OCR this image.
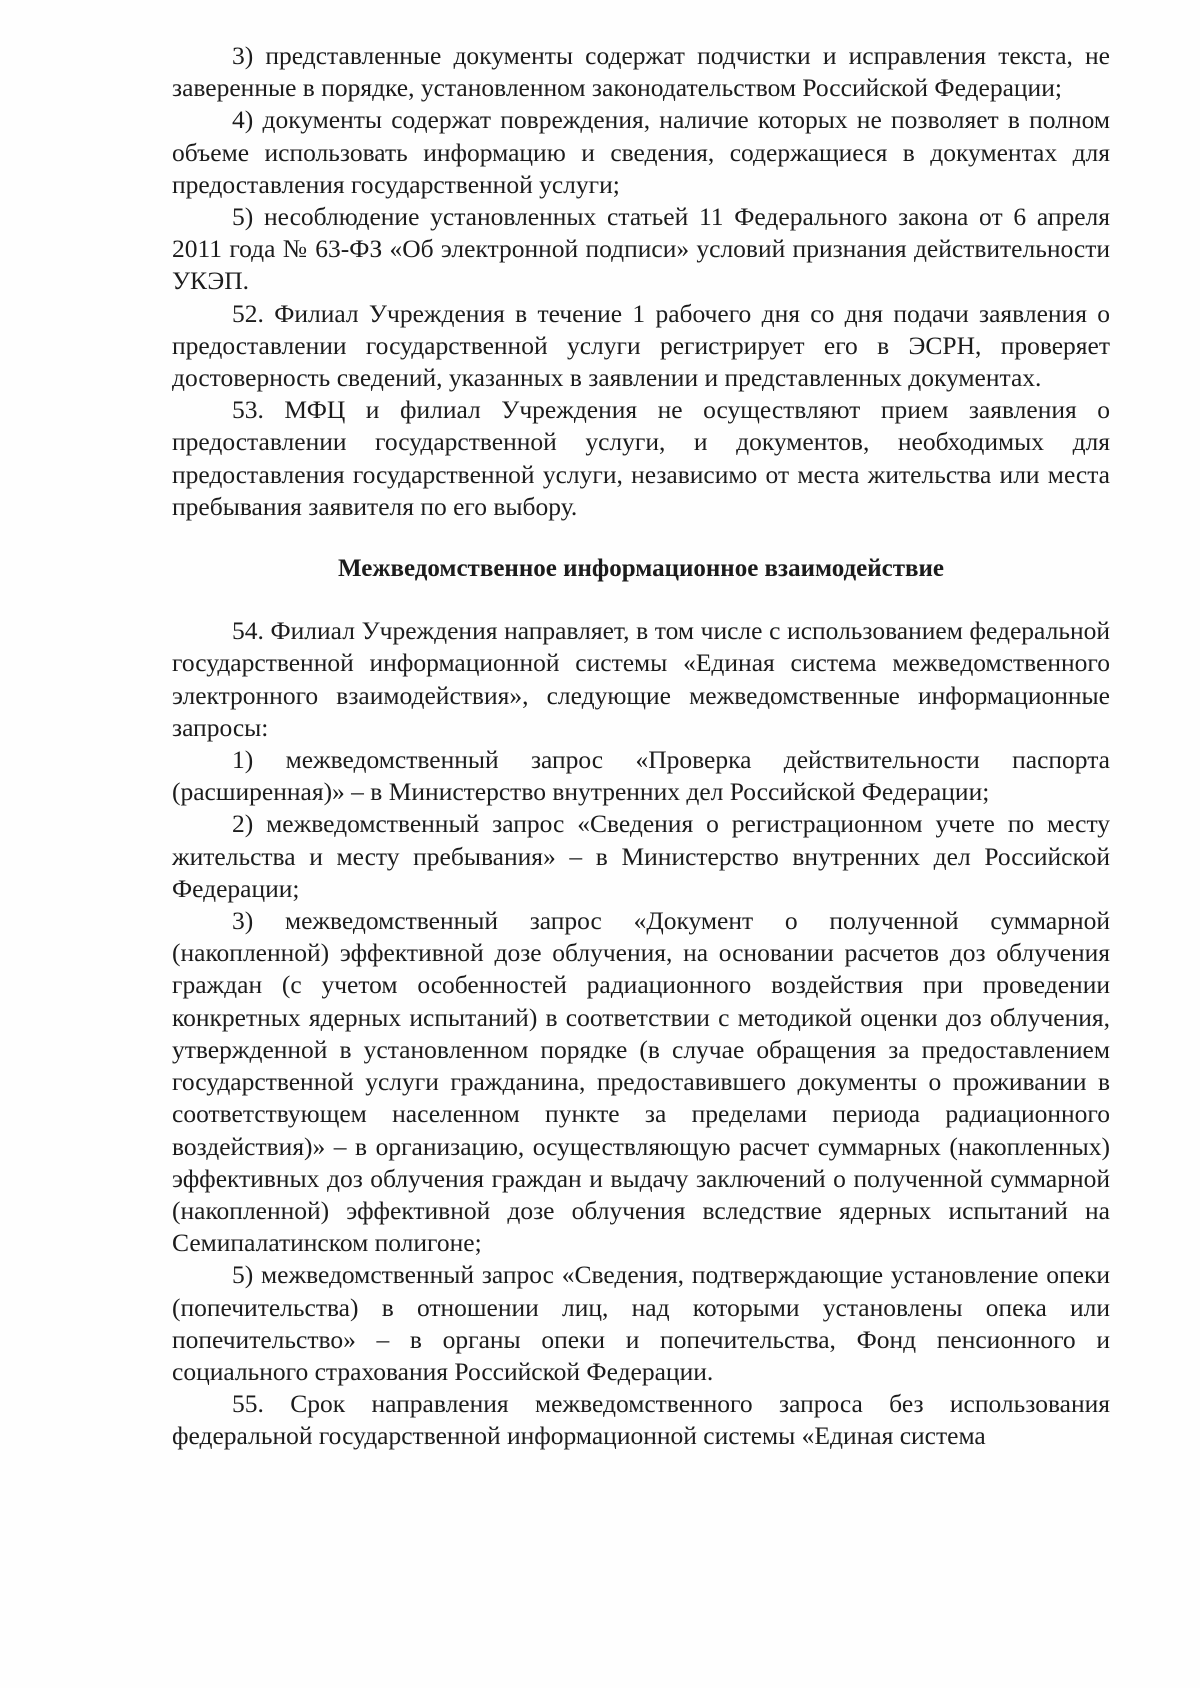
3) представленные документы содержат подчистки и исправления текста, не заверенные в порядке, установленном законодательством Российской Федерации;

4) документы содержат повреждения, наличие которых не позволяет в полном объеме использовать информацию и сведения, содержащиеся в документах для предоставления государственной услуги;

5) несоблюдение установленных статьей 11 Федерального закона от 6 апреля 2011 года № 63-ФЗ «Об электронной подписи» условий признания действительности УКЭП.

52. Филиал Учреждения в течение 1 рабочего дня со дня подачи заявления о предоставлении государственной услуги регистрирует его в ЭСРН, проверяет достоверность сведений, указанных в заявлении и представленных документах.

53. МФЦ и филиал Учреждения не осуществляют прием заявления о предоставлении государственной услуги, и документов, необходимых для предоставления государственной услуги, независимо от места жительства или места пребывания заявителя по его выбору.

Межведомственное информационное взаимодействие

54. Филиал Учреждения направляет, в том числе с использованием федеральной государственной информационной системы «Единая система межведомственного электронного взаимодействия», следующие межведомственные информационные запросы:

1) межведомственный запрос «Проверка действительности паспорта (расширенная)» – в Министерство внутренних дел Российской Федерации;

2) межведомственный запрос «Сведения о регистрационном учете по месту жительства и месту пребывания» – в Министерство внутренних дел Российской Федерации;

3) межведомственный запрос «Документ о полученной суммарной (накопленной) эффективной дозе облучения, на основании расчетов доз облучения граждан (с учетом особенностей радиационного воздействия при проведении конкретных ядерных испытаний) в соответствии с методикой оценки доз облучения, утвержденной в установленном порядке (в случае обращения за предоставлением государственной услуги гражданина, предоставившего документы о проживании в соответствующем населенном пункте за пределами периода радиационного воздействия)» – в организацию, осуществляющую расчет суммарных (накопленных) эффективных доз облучения граждан и выдачу заключений о полученной суммарной (накопленной) эффективной дозе облучения вследствие ядерных испытаний на Семипалатинском полигоне;

5) межведомственный запрос «Сведения, подтверждающие установление опеки (попечительства) в отношении лиц, над которыми установлены опека или попечительство» – в органы опеки и попечительства, Фонд пенсионного и социального страхования Российской Федерации.

55. Срок направления межведомственного запроса без использования федеральной государственной информационной системы «Единая система
